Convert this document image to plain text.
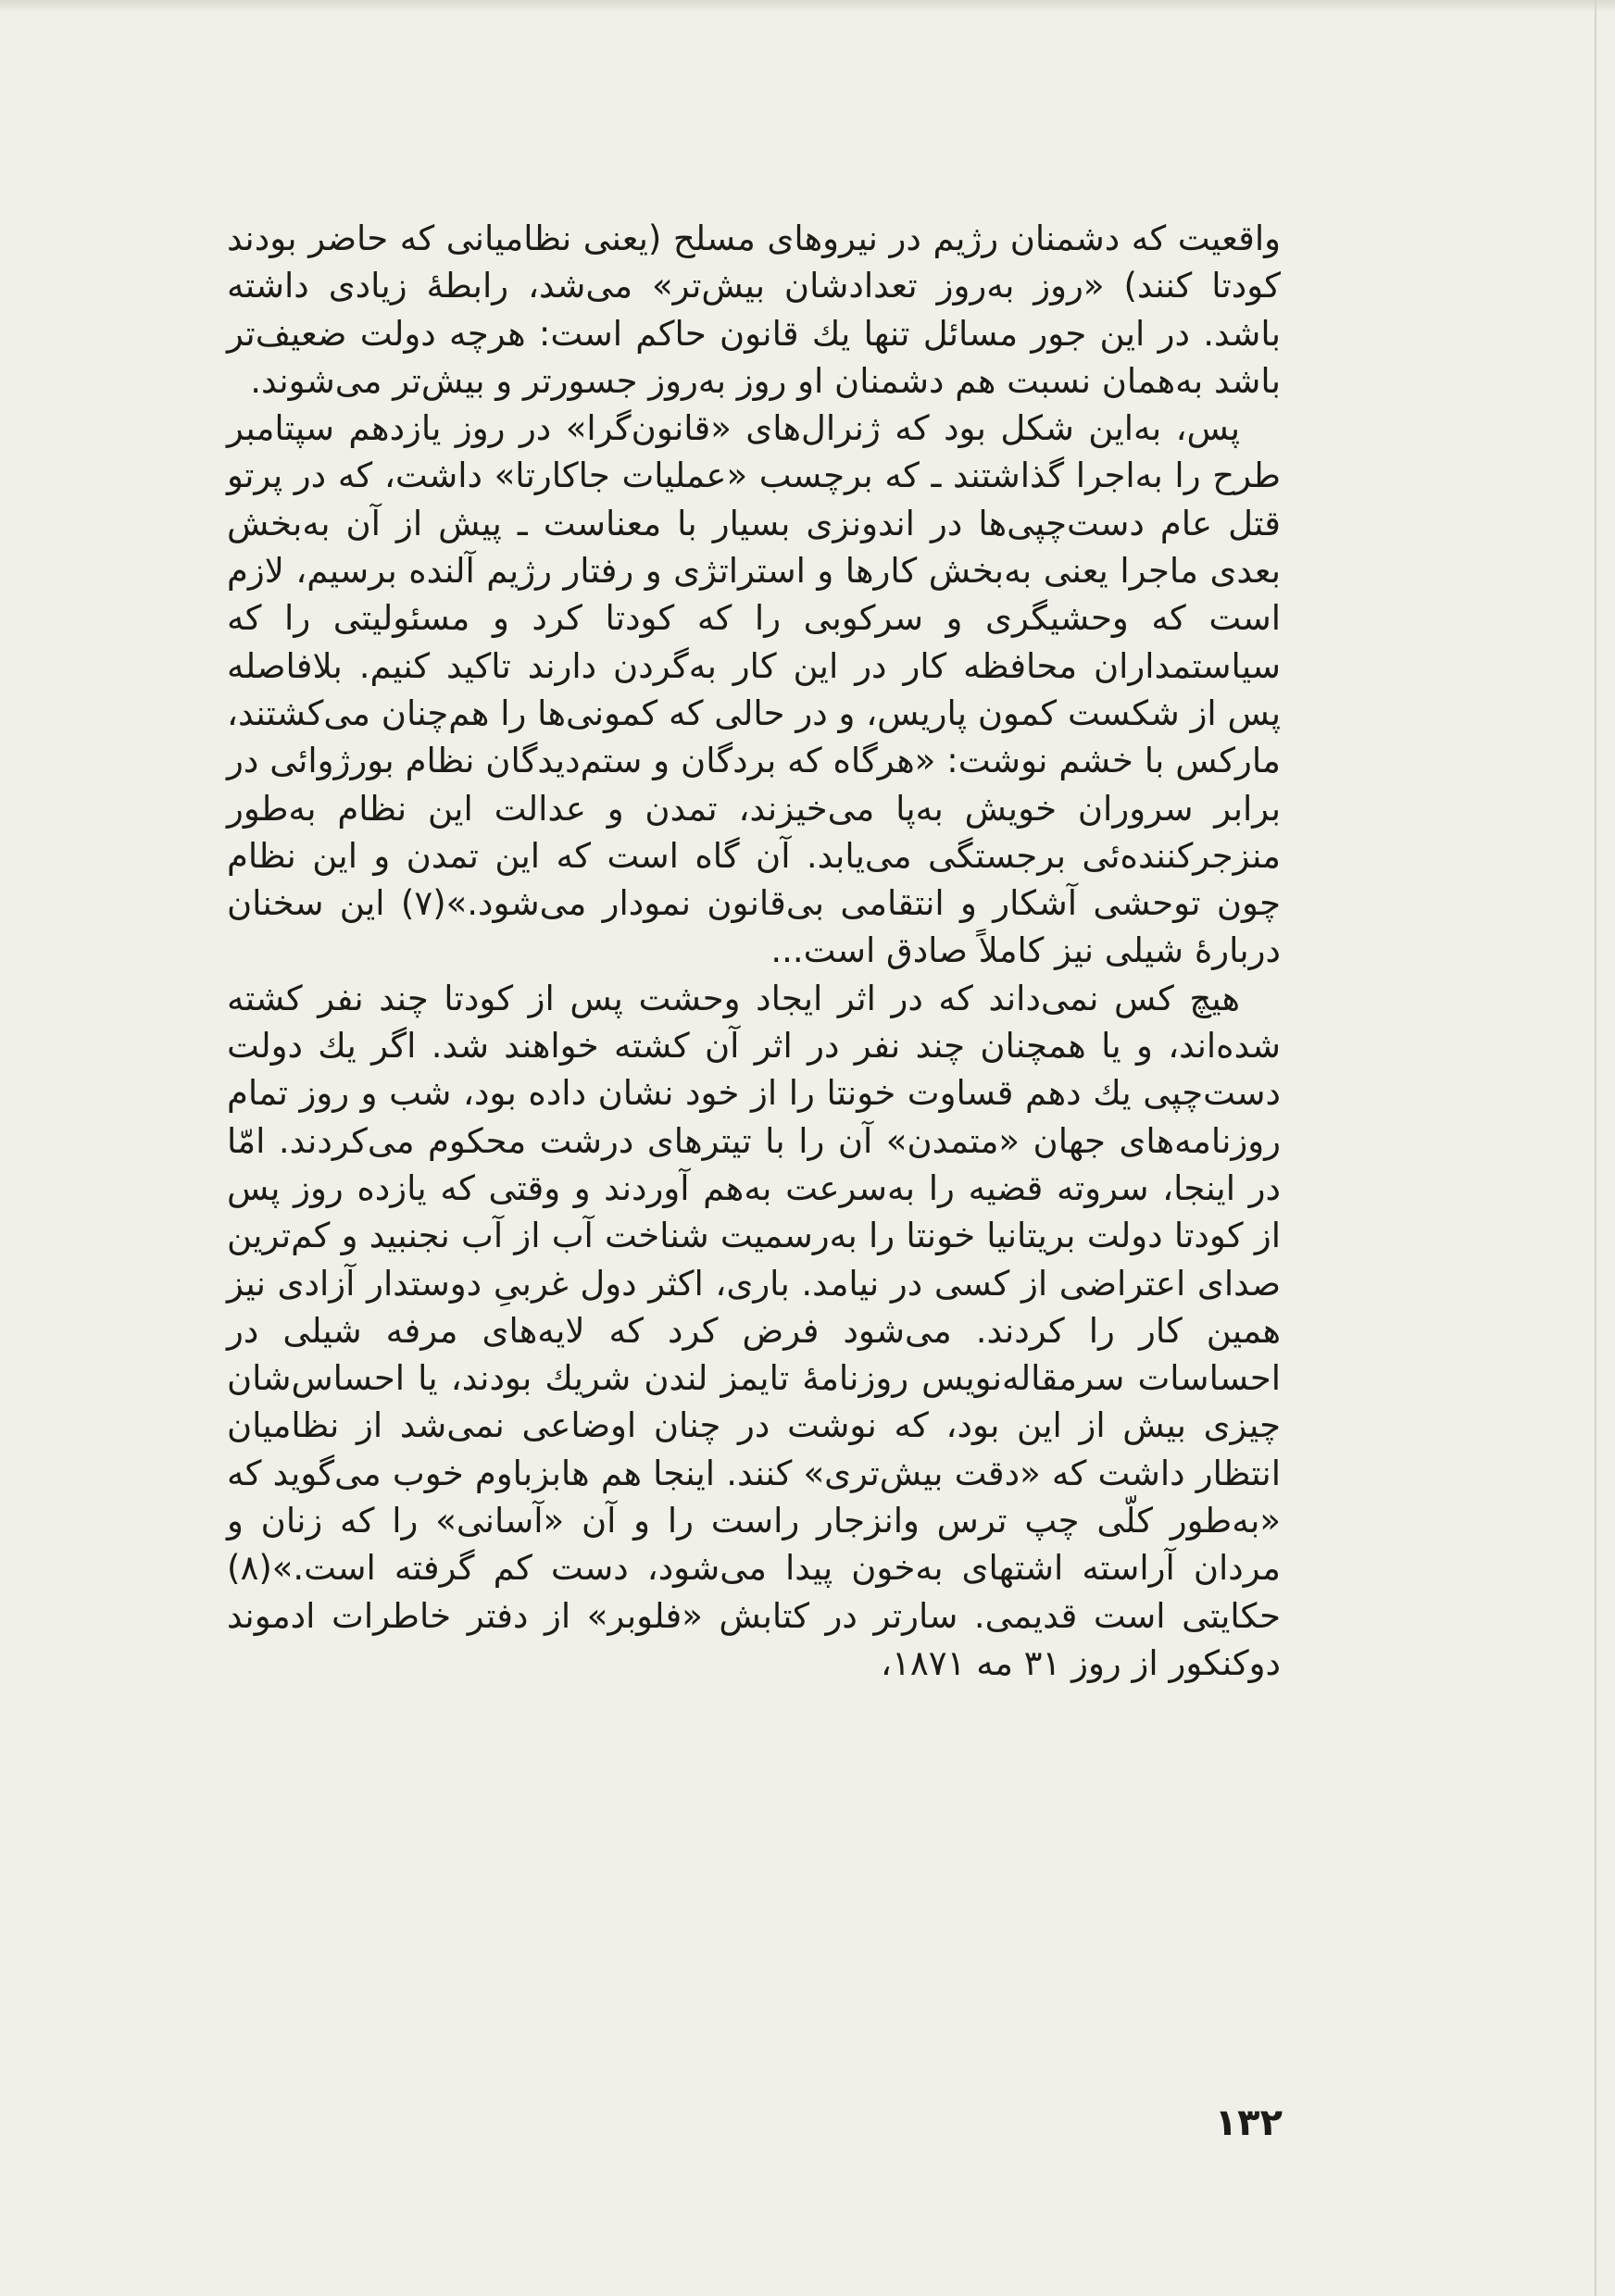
واقعیت که دشمنان رژیم در نیروهای مسلح (یعنی نظامیانی که حاضر بودند کودتا کنند) «روز به‌روز تعدادشان بیش‌تر» می‌شد، رابطهٔ زیادی داشته باشد. در این جور مسائل تنها یك قانون حاکم است: هرچه دولت ضعیف‌تر باشد به‌همان نسبت هم دشمنان او روز به‌روز جسورتر و بیش‌تر می‌شوند.

پس، به‌این شکل بود که ژنرال‌های «قانون‌گرا» در روز یازدهم سپتامبر طرح را به‌اجرا گذاشتند ـ که برچسب «عملیات جاکارتا» داشت، که در پرتو قتل عام دست‌چپی‌ها در اندونزی بسیار با معناست ـ پیش از آن به‌بخش بعدی ماجرا یعنی به‌بخش کارها و استراتژی و رفتار رژیم آلنده برسیم، لازم است که وحشیگری و سرکوبی را که کودتا کرد و مسئولیتی را که سیاستمداران محافظه کار در این کار به‌گردن دارند تاکید کنیم. بلافاصله پس از شکست کمون پاریس، و در حالی که کمونی‌ها را هم‌چنان می‌کشتند، مارکس با خشم نوشت: «هرگاه که بردگان و ستم‌دیدگان نظام بورژوائی در برابر سروران خویش به‌پا می‌خیزند، تمدن و عدالت این نظام به‌طور منزجرکننده‌ئی برجستگی می‌یابد. آن گاه است که این تمدن و این نظام چون توحشی آشکار و انتقامی بی‌قانون نمودار می‌شود.»(۷) این سخنان دربارهٔ شیلی نیز کاملاً صادق است...

هیچ کس نمی‌داند که در اثر ایجاد وحشت پس از کودتا چند نفر کشته شده‌اند، و یا همچنان چند نفر در اثر آن کشته خواهند شد. اگر یك دولت دست‌چپی یك دهم قساوت خونتا را از خود نشان داده بود، شب و روز تمام روزنامه‌های جهان «متمدن» آن را با تیترهای درشت محکوم می‌کردند. امّا در اینجا، سروته قضیه را به‌سرعت به‌هم آوردند و وقتی که یازده روز پس از کودتا دولت بریتانیا خونتا را به‌رسمیت شناخت آب از آب نجنبید و کم‌ترین صدای اعتراضی از کسی در نیامد. باری، اکثر دول غربیِ دوستدار آزادی نیز همین کار را کردند. می‌شود فرض کرد که لایه‌های مرفه شیلی در احساسات سرمقاله‌نویس روزنامهٔ تایمز لندن شریك بودند، یا احساس‌شان چیزی بیش از این بود، که نوشت در چنان اوضاعی نمی‌شد از نظامیان انتظار داشت که «دقت بیش‌تری» کنند. اینجا هم هابزباوم خوب می‌گوید که «به‌طور کلّی چپ ترس وانزجار راست را و آن «آسانی» را که زنان و مردان آراسته اشتهای به‌خون پیدا می‌شود، دست کم گرفته است.»(۸) حکایتی است قدیمی. سارتر در کتابش «فلوبر» از دفتر خاطرات ادموند دوکنکور از روز ۳۱ مه ۱۸۷۱،

۱۳۲
